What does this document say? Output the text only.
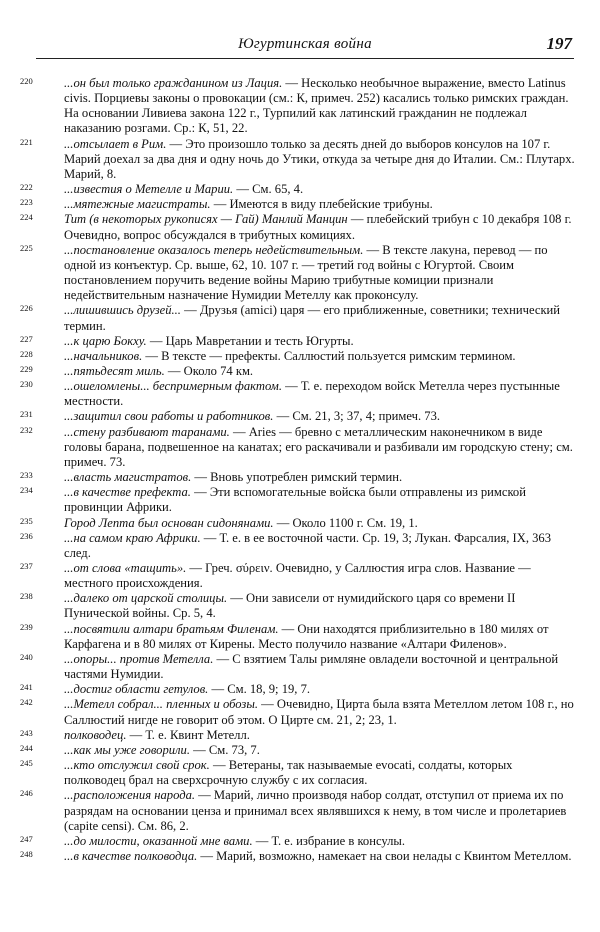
Югуртинская война	197
220	...он был только гражданином из Лация. — Несколько необычное выражение, вместо Latinus civis. Порциевы законы о провокации (см.: К, примеч. 252) касались только римских граждан. На основании Ливиева закона 122 г., Турпилий как латинский гражданин не подлежал наказанию розгами. Ср.: К, 51, 22.
221	...отсылает в Рим. — Это произошло только за десять дней до выборов консулов на 107 г. Марий доехал за два дня и одну ночь до Утики, откуда за четыре дня до Италии. См.: Плутарх. Марий, 8.
222	...известия о Метелле и Марии. — См. 65, 4.
223	...мятежные магистраты. — Имеются в виду плебейские трибуны.
224	Тит (в некоторых рукописях — Гай) Манлий Манцин — плебейский трибун с 10 декабря 108 г. Очевидно, вопрос обсуждался в трибутных комициях.
225	...постановление оказалось теперь недействительным. — В тексте лакуна, перевод — по одной из конъектур. Ср. выше, 62, 10. 107 г. — третий год войны с Югуртой. Своим постановлением поручить ведение войны Марию трибутные комиции признали недействительным назначение Нумидии Метеллу как проконсулу.
226	...лишившись друзей... — Друзья (amici) царя — его приближенные, советники; технический термин.
227	...к царю Бокху. — Царь Мавретании и тесть Югурты.
228	...начальников. — В тексте — префекты. Саллюстий пользуется римским термином.
229	...пятьдесят миль. — Около 74 км.
230	...ошеломлены... беспримерным фактом. — Т. е. переходом войск Метелла через пустынные местности.
231	...защитил свои работы и работников. — См. 21, 3; 37, 4; примеч. 73.
232	...стену разбивают таранами. — Aries — бревно с металлическим наконечником в виде головы барана, подвешенное на канатах; его раскачивали и разбивали им городскую стену; см. примеч. 73.
233	...власть магистратов. — Вновь употреблен римский термин.
234	...в качестве префекта. — Эти вспомогательные войска были отправлены из римской провинции Африки.
235	Город Лепта был основан сидонянами. — Около 1100 г. См. 19, 1.
236	...на самом краю Африки. — Т. е. в ее восточной части. Ср. 19, 3; Лукан. Фарсалия, IX, 363 след.
237	...от слова «тащить». — Греч. σύρειν. Очевидно, у Саллюстия игра слов. Название — местного происхождения.
238	...далеко от царской столицы. — Они зависели от нумидийского царя со времени II Пунической войны. Ср. 5, 4.
239	...посвятили алтари братьям Филенам. — Они находятся приблизительно в 180 милях от Карфагена и в 80 милях от Кирены. Место получило название «Алтари Филенов».
240	...опоры... против Метелла. — С взятием Талы римляне овладели восточной и центральной частями Нумидии.
241	...достиг области гетулов. — См. 18, 9; 19, 7.
242	...Метелл собрал... пленных и обозы. — Очевидно, Цирта была взята Метеллом летом 108 г., но Саллюстий нигде не говорит об этом. О Цирте см. 21, 2; 23, 1.
243	полководец. — Т. е. Квинт Метелл.
244	...как мы уже говорили. — См. 73, 7.
245	...кто отслужил свой срок. — Ветераны, так называемые evocati, солдаты, которых полководец брал на сверхсрочную службу с их согласия.
246	...расположения народа. — Марий, лично производя набор солдат, отступил от приема их по разрядам на основании ценза и принимал всех являвшихся к нему, в том числе и пролетариев (capite censi). См. 86, 2.
247	...до милости, оказанной мне вами. — Т. е. избрание в консулы.
248	...в качестве полководца. — Марий, возможно, намекает на свои нелады с Квинтом Метеллом.
